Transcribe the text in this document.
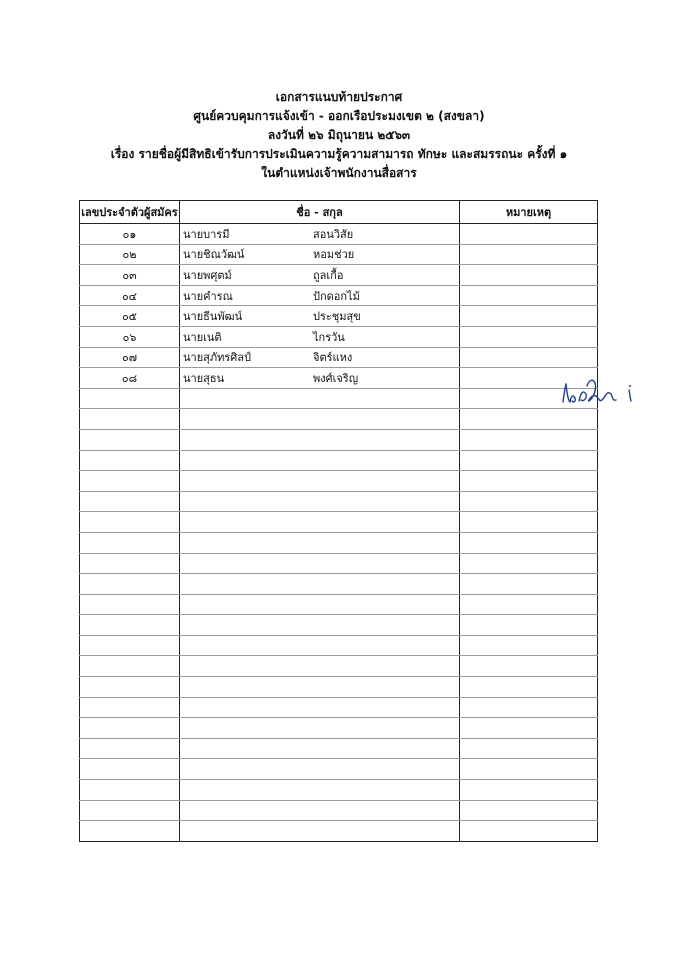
เอกสารแนบท้ายประกาศ
ศูนย์ควบคุมการแจ้งเข้า - ออกเรือประมงเขต ๒ (สงขลา)
ลงวันที่ ๒๖ มิถุนายน ๒๕๖๓
เรื่อง รายชื่อผู้มีสิทธิเข้ารับการประเมินความรู้ความสามารถ ทักษะ และสมรรถนะ ครั้งที่ ๑
ในตำแหน่งเจ้าพนักงานสื่อสาร
เลขประจำตัวผู้สมัคร	ชื่อ - สกุล	หมายเหตุ
๐๑	นายบารมี สอนวิสัย	

๐๒	นายชิณวัฒน์ หอมช่วย	

๐๓	นายพศุตม์ ถูลเกื้อ	

๐๔	นายคำรณ ปักดอกไม้	

๐๕	นายธีนพัฒน์ ประชุมสุข	

๐๖	นายเนติ ไกรวัน	

๐๗	นายสุภัทรศิลป์ จิตร์แหง	

๐๘	นายสุธน พงศ์เจริญ	
